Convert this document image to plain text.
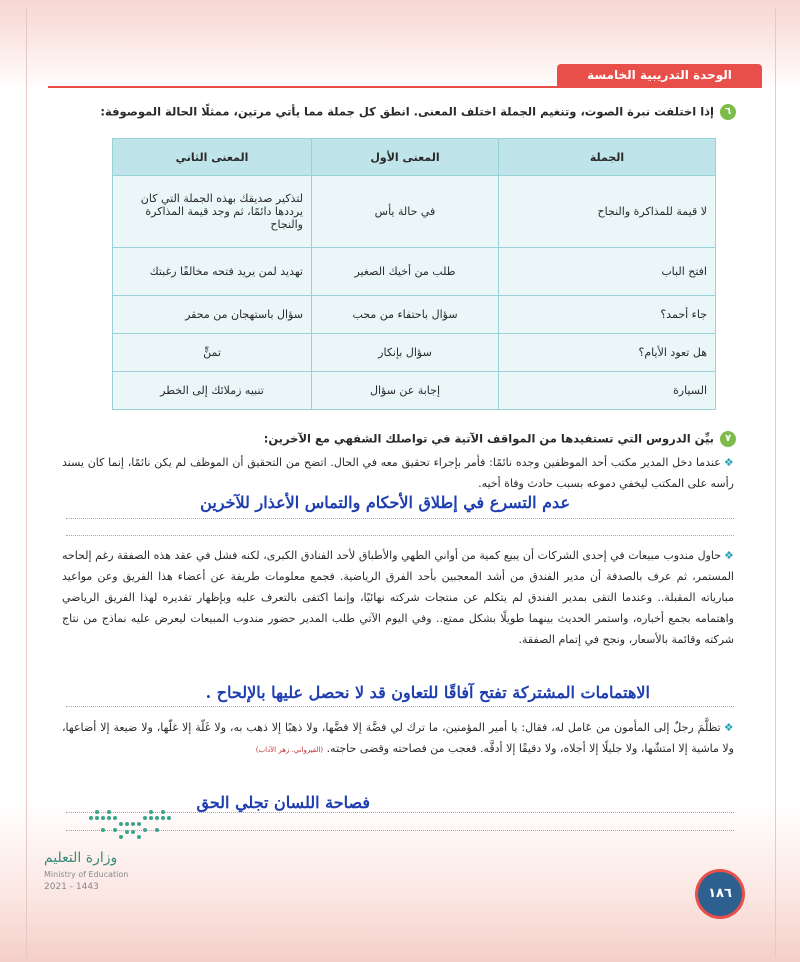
الوحدة التدريبية الخامسة
٦إذا اختلفت نبرة الصوت، وتنغيم الجملة اختلف المعنى. انطق كل جملة مما يأتي مرتين، ممثلًا الحالة الموصوفة:
الجملة	المعنى الأول	المعنى الثاني
لا قيمة للمذاكرة والنجاح	في حالة يأس	لتذكير صديقك بهذه الجملة التي كان يرددها دائمًا، ثم وجد قيمة المذاكرة والنجاح
افتح الباب	طلب من أخيك الصغير	تهديد لمن يريد فتحه مخالفًا رغبتك
جاء أحمد؟	سؤال باحتفاء من محب	سؤال باستهجان من محقر
هل تعود الأيام؟	سؤال بإنكار	تمنٍّ
السيارة	إجابة عن سؤال	تنبيه زملائك إلى الخطر
٧بيِّن الدروس التي تستفيدها من المواقف الآتية في تواصلك الشفهي مع الآخرين:
❖عندما دخل المدير مكتب أحد الموظفين وجده نائمًا: فأمر بإجراء تحقيق معه في الحال. اتضح من التحقيق أن الموظف لم يكن نائمًا، إنما كان يسند رأسه على المكتب ليخفي دموعه بسبب حادث وفاة أخيه.
عدم التسرع في إطلاق الأحكام والتماس الأعذار للآخرين
❖حاول مندوب مبيعات في إحدى الشركات أن يبيع كمية من أواني الطهي والأطباق لأحد الفنادق الكبرى، لكنه فشل في عقد هذه الصفقة رغم إلحاحه المستمر، ثم عرف بالصدفة أن مدير الفندق من أشد المعجبين بأحد الفرق الرياضية. فجمع معلومات طريفة عن أعضاء هذا الفريق وعن مواعيد مبارياته المقبلة.. وعندما التقى بمدير الفندق لم يتكلم عن منتجات شركته نهائيًا، وإنما اكتفى بالتعرف عليه وبإظهار تقديره لهذا الفريق الرياضي واهتمامه بجمع أخباره، واستمر الحديث بينهما طويلًا بشكل ممتع.. وفي اليوم الآتي طلب المدير حضور مندوب المبيعات ليعرض عليه نماذج من نتاج شركته وقائمة بالأسعار، ونجح في إتمام الصفقة.
الاهتمامات المشتركة تفتح آفاقًا للتعاون قد لا نحصل عليها بالإلحاح .
❖تظلَّمَ رجلٌ إلى المأمون من عَامل له، فقال: يا أمير المؤمنين، ما ترك لي فضَّة إلا فضَّها، ولا ذهبًا إلا ذهب به، ولا غَلّة إلا غلّها، ولا ضيعة إلا أضاعها، ولا ماشية إلا امتشّها، ولا جليلًا إلا أجلاه، ولا دقيقًا إلا أدقَّه. فعجب من فصاحته وقضى حاجته. (القيرواني. زهر الآداب)
فصاحة اللسان تجلي الحق
وزارة التعليم
Ministry of Education
2021 - 1443	١٨٦
